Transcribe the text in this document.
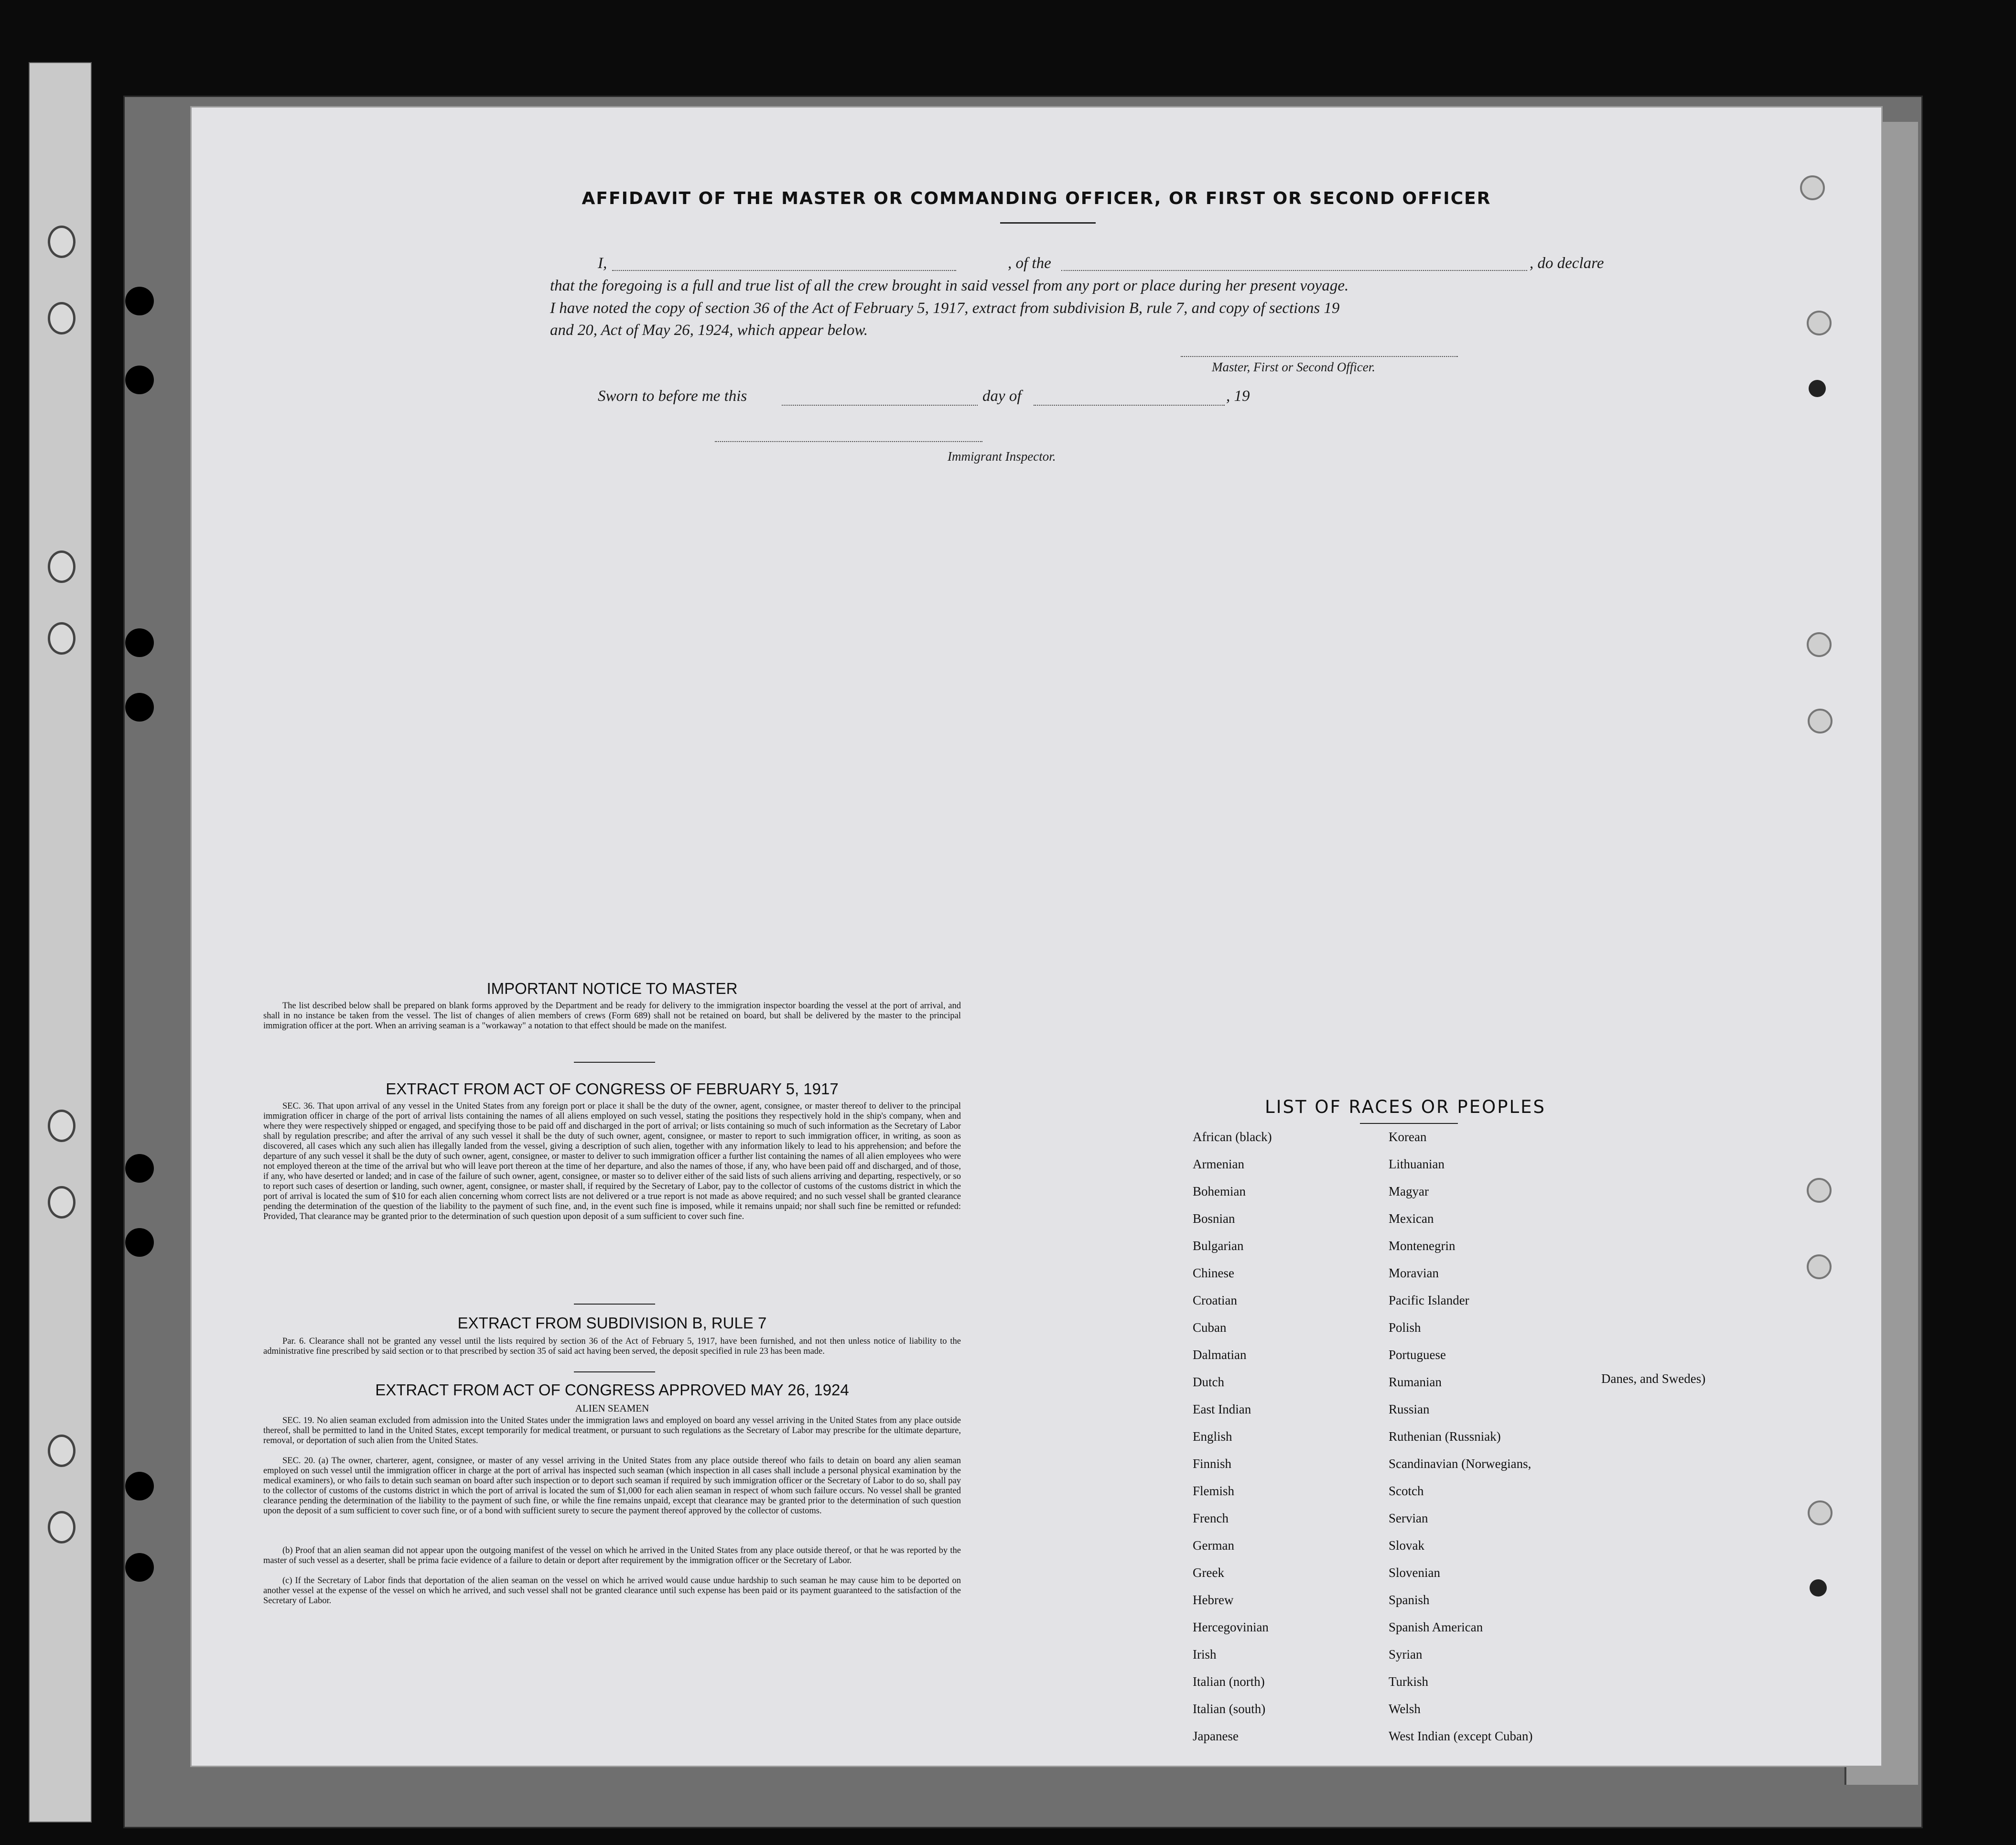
AFFIDAVIT OF THE MASTER OR COMMANDING OFFICER, OR FIRST OR SECOND OFFICER
I,	, of the	, do declare
that the foregoing is a full and true list of all the crew brought in said vessel from any port or place during her present voyage.
I have noted the copy of section 36 of the Act of February 5, 1917, extract from subdivision B, rule 7, and copy of sections 19
and 20, Act of May 26, 1924, which appear below.
Master, First or Second Officer.
Sworn to before me this	day of	, 19
Immigrant Inspector.
IMPORTANT NOTICE TO MASTER
The list described below shall be prepared on blank forms approved by the Department and be ready for delivery to the immigration inspector boarding the vessel at the port of arrival, and shall in no instance be taken from the vessel. The list of changes of alien members of crews (Form 689) shall not be retained on board, but shall be delivered by the master to the principal immigration officer at the port. When an arriving seaman is a "workaway" a notation to that effect should be made on the manifest.
EXTRACT FROM ACT OF CONGRESS OF FEBRUARY 5, 1917
SEC. 36. That upon arrival of any vessel in the United States from any foreign port or place it shall be the duty of the owner, agent, consignee, or master thereof to deliver to the principal immigration officer in charge of the port of arrival lists containing the names of all aliens employed on such vessel, stating the positions they respectively hold in the ship's company, when and where they were respectively shipped or engaged, and specifying those to be paid off and discharged in the port of arrival; or lists containing so much of such information as the Secretary of Labor shall by regulation prescribe; and after the arrival of any such vessel it shall be the duty of such owner, agent, consignee, or master to report to such immigration officer, in writing, as soon as discovered, all cases which any such alien has illegally landed from the vessel, giving a description of such alien, together with any information likely to lead to his apprehension; and before the departure of any such vessel it shall be the duty of such owner, agent, consignee, or master to deliver to such immigration officer a further list containing the names of all alien employees who were not employed thereon at the time of the arrival but who will leave port thereon at the time of her departure, and also the names of those, if any, who have been paid off and discharged, and of those, if any, who have deserted or landed; and in case of the failure of such owner, agent, consignee, or master so to deliver either of the said lists of such aliens arriving and departing, respectively, or so to report such cases of desertion or landing, such owner, agent, consignee, or master shall, if required by the Secretary of Labor, pay to the collector of customs of the customs district in which the port of arrival is located the sum of $10 for each alien concerning whom correct lists are not delivered or a true report is not made as above required; and no such vessel shall be granted clearance pending the determination of the question of the liability to the payment of such fine, and, in the event such fine is imposed, while it remains unpaid; nor shall such fine be remitted or refunded: Provided, That clearance may be granted prior to the determination of such question upon deposit of a sum sufficient to cover such fine.
EXTRACT FROM SUBDIVISION B, RULE 7
Par. 6. Clearance shall not be granted any vessel until the lists required by section 36 of the Act of February 5, 1917, have been furnished, and not then unless notice of liability to the administrative fine prescribed by said section or to that prescribed by section 35 of said act having been served, the deposit specified in rule 23 has been made.
EXTRACT FROM ACT OF CONGRESS APPROVED MAY 26, 1924
ALIEN SEAMEN
SEC. 19. No alien seaman excluded from admission into the United States under the immigration laws and employed on board any vessel arriving in the United States from any place outside thereof, shall be permitted to land in the United States, except temporarily for medical treatment, or pursuant to such regulations as the Secretary of Labor may prescribe for the ultimate departure, removal, or deportation of such alien from the United States.
SEC. 20. (a) The owner, charterer, agent, consignee, or master of any vessel arriving in the United States from any place outside thereof who fails to detain on board any alien seaman employed on such vessel until the immigration officer in charge at the port of arrival has inspected such seaman (which inspection in all cases shall include a personal physical examination by the medical examiners), or who fails to detain such seaman on board after such inspection or to deport such seaman if required by such immigration officer or the Secretary of Labor to do so, shall pay to the collector of customs of the customs district in which the port of arrival is located the sum of $1,000 for each alien seaman in respect of whom such failure occurs. No vessel shall be granted clearance pending the determination of the liability to the payment of such fine, or while the fine remains unpaid, except that clearance may be granted prior to the determination of such question upon the deposit of a sum sufficient to cover such fine, or of a bond with sufficient surety to secure the payment thereof approved by the collector of customs.
(b) Proof that an alien seaman did not appear upon the outgoing manifest of the vessel on which he arrived in the United States from any place outside thereof, or that he was reported by the master of such vessel as a deserter, shall be prima facie evidence of a failure to detain or deport after requirement by the immigration officer or the Secretary of Labor.
(c) If the Secretary of Labor finds that deportation of the alien seaman on the vessel on which he arrived would cause undue hardship to such seaman he may cause him to be deported on another vessel at the expense of the vessel on which he arrived, and such vessel shall not be granted clearance until such expense has been paid or its payment guaranteed to the satisfaction of the Secretary of Labor.
LIST OF RACES OR PEOPLES
Danes, and Swedes)
African (black)
Armenian
Bohemian
Bosnian
Bulgarian
Chinese
Croatian
Cuban
Dalmatian
Dutch
East Indian
English
Finnish
Flemish
French
German
Greek
Hebrew
Hercegovinian
Irish
Italian (north)
Italian (south)
Japanese
Korean
Lithuanian
Magyar
Mexican
Montenegrin
Moravian
Pacific Islander
Polish
Portuguese
Rumanian
Russian
Ruthenian (Russniak)
Scandinavian (Norwegians,
Scotch
Servian
Slovak
Slovenian
Spanish
Spanish American
Syrian
Turkish
Welsh
West Indian (except Cuban)
